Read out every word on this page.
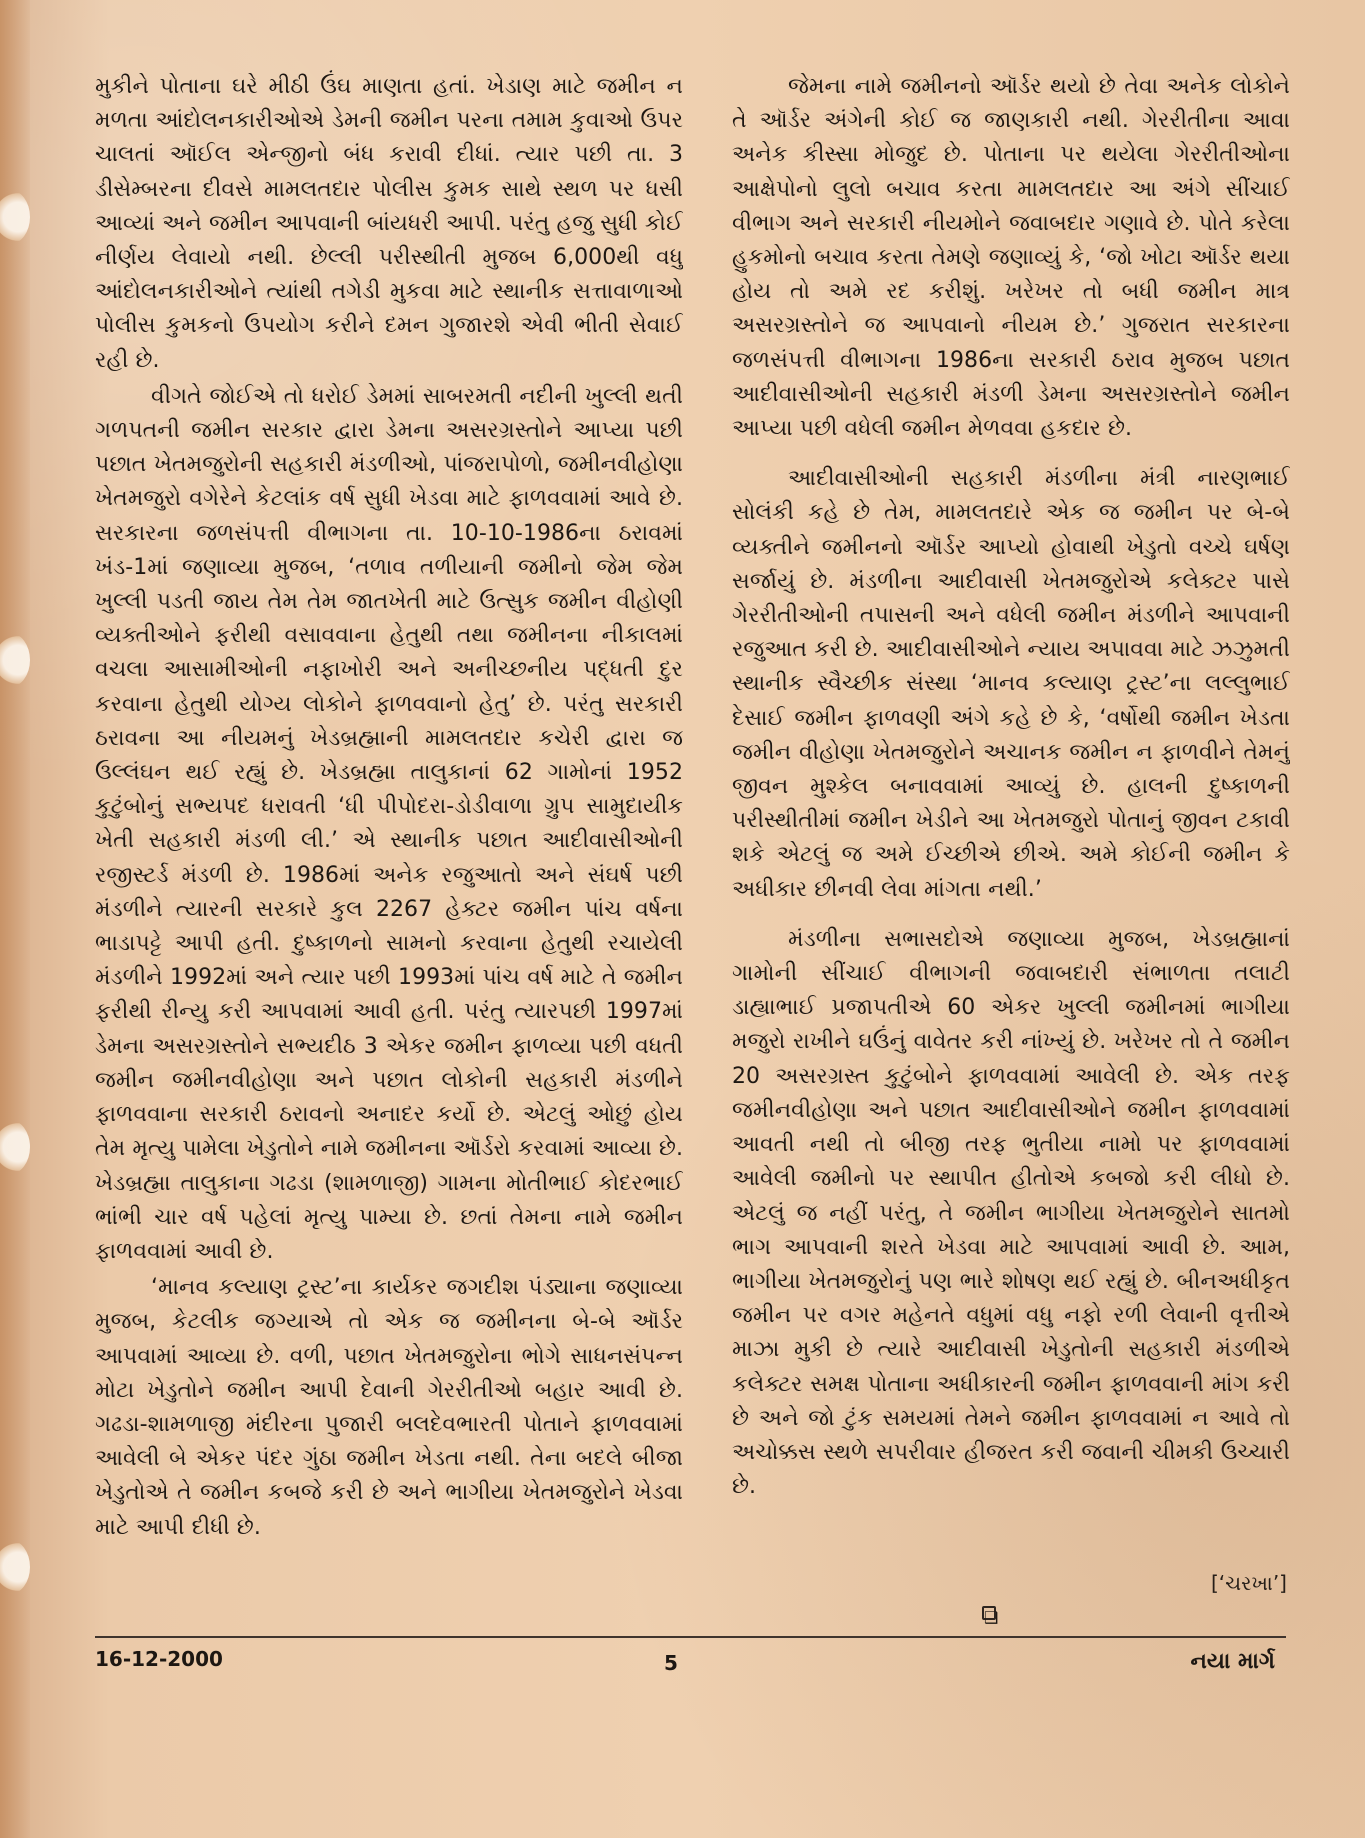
મુકીને પોતાના ઘરે મીઠી ઉંઘ માણતા હતાં. ખેડાણ માટે જમીન ન મળતા આંદોલનકારીઓએ ડેમની જમીન પરના તમામ કુવાઓ ઉપર ચાલતાં ઑઈલ એન્જીનો બંધ કરાવી દીધાં. ત્યાર પછી તા. 3 ડીસેમ્બરના દીવસે મામલતદાર પોલીસ કુમક સાથે સ્થળ પર ધસી આવ્યાં અને જમીન આપવાની બાંયધરી આપી. પરંતુ હજુ સુધી કોઈ નીર્ણય લેવાયો નથી. છેલ્લી પરીસ્થીતી મુજબ 6,000થી વધુ આંદોલનકારીઓને ત્યાંથી તગેડી મુકવા માટે સ્થાનીક સત્તાવાળાઓ પોલીસ કુમકનો ઉપયોગ કરીને દમન ગુજારશે એવી ભીતી સેવાઈ રહી છે.

વીગતે જોઈએ તો ધરોઈ ડેમમાં સાબરમતી નદીની ખુલ્લી થતી ગળપતની જમીન સરકાર દ્વારા ડેમના અસરગ્રસ્તોને આપ્યા પછી પછાત ખેતમજુરોની સહકારી મંડળીઓ, પાંજરાપોળો, જમીનવીહોણા ખેતમજુરો વગેરેને કેટલાંક વર્ષ સુધી ખેડવા માટે ફાળવવામાં આવે છે. સરકારના જળસંપત્તી વીભાગના તા. 10-10-1986ના ઠરાવમાં ખંડ-1માં જણાવ્યા મુજબ, ‘તળાવ તળીયાની જમીનો જેમ જેમ ખુલ્લી પડતી જાય તેમ તેમ જાતખેતી માટે ઉત્સુક જમીન વીહોણી વ્યક્તીઓને ફરીથી વસાવવાના હેતુથી તથા જમીનના નીકાલમાં વચલા આસામીઓની નફાખોરી અને અનીચ્છનીય પદ્ધતી દુર કરવાના હેતુથી યોગ્ય લોકોને ફાળવવાનો હેતુ’ છે. પરંતુ સરકારી ઠરાવના આ નીયમનું ખેડબ્રહ્માની મામલતદાર કચેરી દ્વારા જ ઉલ્લંઘન થઈ રહ્યું છે. ખેડબ્રહ્મા તાલુકાનાં 62 ગામોનાં 1952 કુટુંબોનું સભ્યપદ ધરાવતી ‘ધી પીપોદરા-ડોડીવાળા ગ્રુપ સામુદાયીક ખેતી સહકારી મંડળી લી.’ એ સ્થાનીક પછાત આદીવાસીઓની રજીસ્ટર્ડ મંડળી છે. 1986માં અનેક રજુઆતો અને સંઘર્ષ પછી મંડળીને ત્યારની સરકારે કુલ 2267 હેક્ટર જમીન પાંચ વર્ષના ભાડાપટ્ટે આપી હતી. દુષ્કાળનો સામનો કરવાના હેતુથી રચાયેલી મંડળીને 1992માં અને ત્યાર પછી 1993માં પાંચ વર્ષ માટે તે જમીન ફરીથી રીન્યુ કરી આપવામાં આવી હતી. પરંતુ ત્યારપછી 1997માં ડેમના અસરગ્રસ્તોને સભ્યદીઠ 3 એકર જમીન ફાળવ્યા પછી વધતી જમીન જમીનવીહોણા અને પછાત લોકોની સહકારી મંડળીને ફાળવવાના સરકારી ઠરાવનો અનાદર કર્યો છે. એટલું ઓછું હોય તેમ મૃત્યુ પામેલા ખેડુતોને નામે જમીનના ઑર્ડરો કરવામાં આવ્યા છે. ખેડબ્રહ્મા તાલુકાના ગઢડા (શામળાજી) ગામના મોતીભાઈ કોદરભાઈ ભાંભી ચાર વર્ષ પહેલાં મૃત્યુ પામ્યા છે. છતાં તેમના નામે જમીન ફાળવવામાં આવી છે.

‘માનવ કલ્યાણ ટ્રસ્ટ’ના કાર્યકર જગદીશ પંડ્યાના જણાવ્યા મુજબ, કેટલીક જગ્યાએ તો એક જ જમીનના બે-બે ઑર્ડર આપવામાં આવ્યા છે. વળી, પછાત ખેતમજુરોના ભોગે સાધનસંપન્ન મોટા ખેડુતોને જમીન આપી દેવાની ગેરરીતીઓ બહાર આવી છે. ગઢડા-શામળાજી મંદીરના પુજારી બલદેવભારતી પોતાને ફાળવવામાં આવેલી બે એકર પંદર ગુંઠા જમીન ખેડતા નથી. તેના બદલે બીજા ખેડુતોએ તે જમીન કબજે કરી છે અને ભાગીયા ખેતમજુરોને ખેડવા માટે આપી દીધી છે.

જેમના નામે જમીનનો ઑર્ડર થયો છે તેવા અનેક લોકોને તે ઑર્ડર અંગેની કોઈ જ જાણકારી નથી. ગેરરીતીના આવા અનેક કીસ્સા મોજુદ છે. પોતાના પર થયેલા ગેરરીતીઓના આક્ષેપોનો લુલો બચાવ કરતા મામલતદાર આ અંગે સીંચાઈ વીભાગ અને સરકારી નીયમોને જવાબદાર ગણાવે છે. પોતે કરેલા હુકમોનો બચાવ કરતા તેમણે જણાવ્યું કે, ‘જો ખોટા ઑર્ડર થયા હોય તો અમે રદ કરીશું. ખરેખર તો બધી જમીન માત્ર અસરગ્રસ્તોને જ આપવાનો નીયમ છે.’ ગુજરાત સરકારના જળસંપત્તી વીભાગના 1986ના સરકારી ઠરાવ મુજબ પછાત આદીવાસીઓની સહકારી મંડળી ડેમના અસરગ્રસ્તોને જમીન આપ્યા પછી વધેલી જમીન મેળવવા હકદાર છે.

આદીવાસીઓની સહકારી મંડળીના મંત્રી નારણભાઈ સોલંકી કહે છે તેમ, મામલતદારે એક જ જમીન પર બે-બે વ્યક્તીને જમીનનો ઑર્ડર આપ્યો હોવાથી ખેડુતો વચ્ચે ઘર્ષણ સર્જાયું છે. મંડળીના આદીવાસી ખેતમજુરોએ કલેક્ટર પાસે ગેરરીતીઓની તપાસની અને વધેલી જમીન મંડળીને આપવાની રજુઆત કરી છે. આદીવાસીઓને ન્યાય અપાવવા માટે ઝઝુમતી સ્થાનીક સ્વૈચ્છીક સંસ્થા ‘માનવ કલ્યાણ ટ્રસ્ટ’ના લલ્લુભાઈ દેસાઈ જમીન ફાળવણી અંગે કહે છે કે, ‘વર્ષોથી જમીન ખેડતા જમીન વીહોણા ખેતમજુરોને અચાનક જમીન ન ફાળવીને તેમનું જીવન મુશ્કેલ બનાવવામાં આવ્યું છે. હાલની દુષ્કાળની પરીસ્થીતીમાં જમીન ખેડીને આ ખેતમજુરો પોતાનું જીવન ટકાવી શકે એટલું જ અમે ઈચ્છીએ છીએ. અમે કોઈની જમીન કે અધીકાર છીનવી લેવા માંગતા નથી.’

મંડળીના સભાસદોએ જણાવ્યા મુજબ, ખેડબ્રહ્માનાં ગામોની સીંચાઈ વીભાગની જવાબદારી સંભાળતા તલાટી ડાહ્યાભાઈ પ્રજાપતીએ 60 એકર ખુલ્લી જમીનમાં ભાગીયા મજુરો રાખીને ઘઉંનું વાવેતર કરી નાંખ્યું છે. ખરેખર તો તે જમીન 20 અસરગ્રસ્ત કુટુંબોને ફાળવવામાં આવેલી છે. એક તરફ જમીનવીહોણા અને પછાત આદીવાસીઓને જમીન ફાળવવામાં આવતી નથી તો બીજી તરફ ભુતીયા નામો પર ફાળવવામાં આવેલી જમીનો પર સ્થાપીત હીતોએ કબજો કરી લીધો છે. એટલું જ નહીં પરંતુ, તે જમીન ભાગીયા ખેતમજુરોને સાતમો ભાગ આપવાની શરતે ખેડવા માટે આપવામાં આવી છે. આમ, ભાગીયા ખેતમજુરોનું પણ ભારે શોષણ થઈ રહ્યું છે. બીનઅધીકૃત જમીન પર વગર મહેનતે વધુમાં વધુ નફો રળી લેવાની વૃત્તીએ માઝા મુકી છે ત્યારે આદીવાસી ખેડુતોની સહકારી મંડળીએ કલેક્ટર સમક્ષ પોતાના અધીકારની જમીન ફાળવવાની માંગ કરી છે અને જો ટુંક સમયમાં તેમને જમીન ફાળવવામાં ન આવે તો અચોક્કસ સ્થળે સપરીવાર હીજરત કરી જવાની ચીમકી ઉચ્ચારી છે.

[‘ચરખા’]
❑
16-12-2000	5	નયા માર્ગ
